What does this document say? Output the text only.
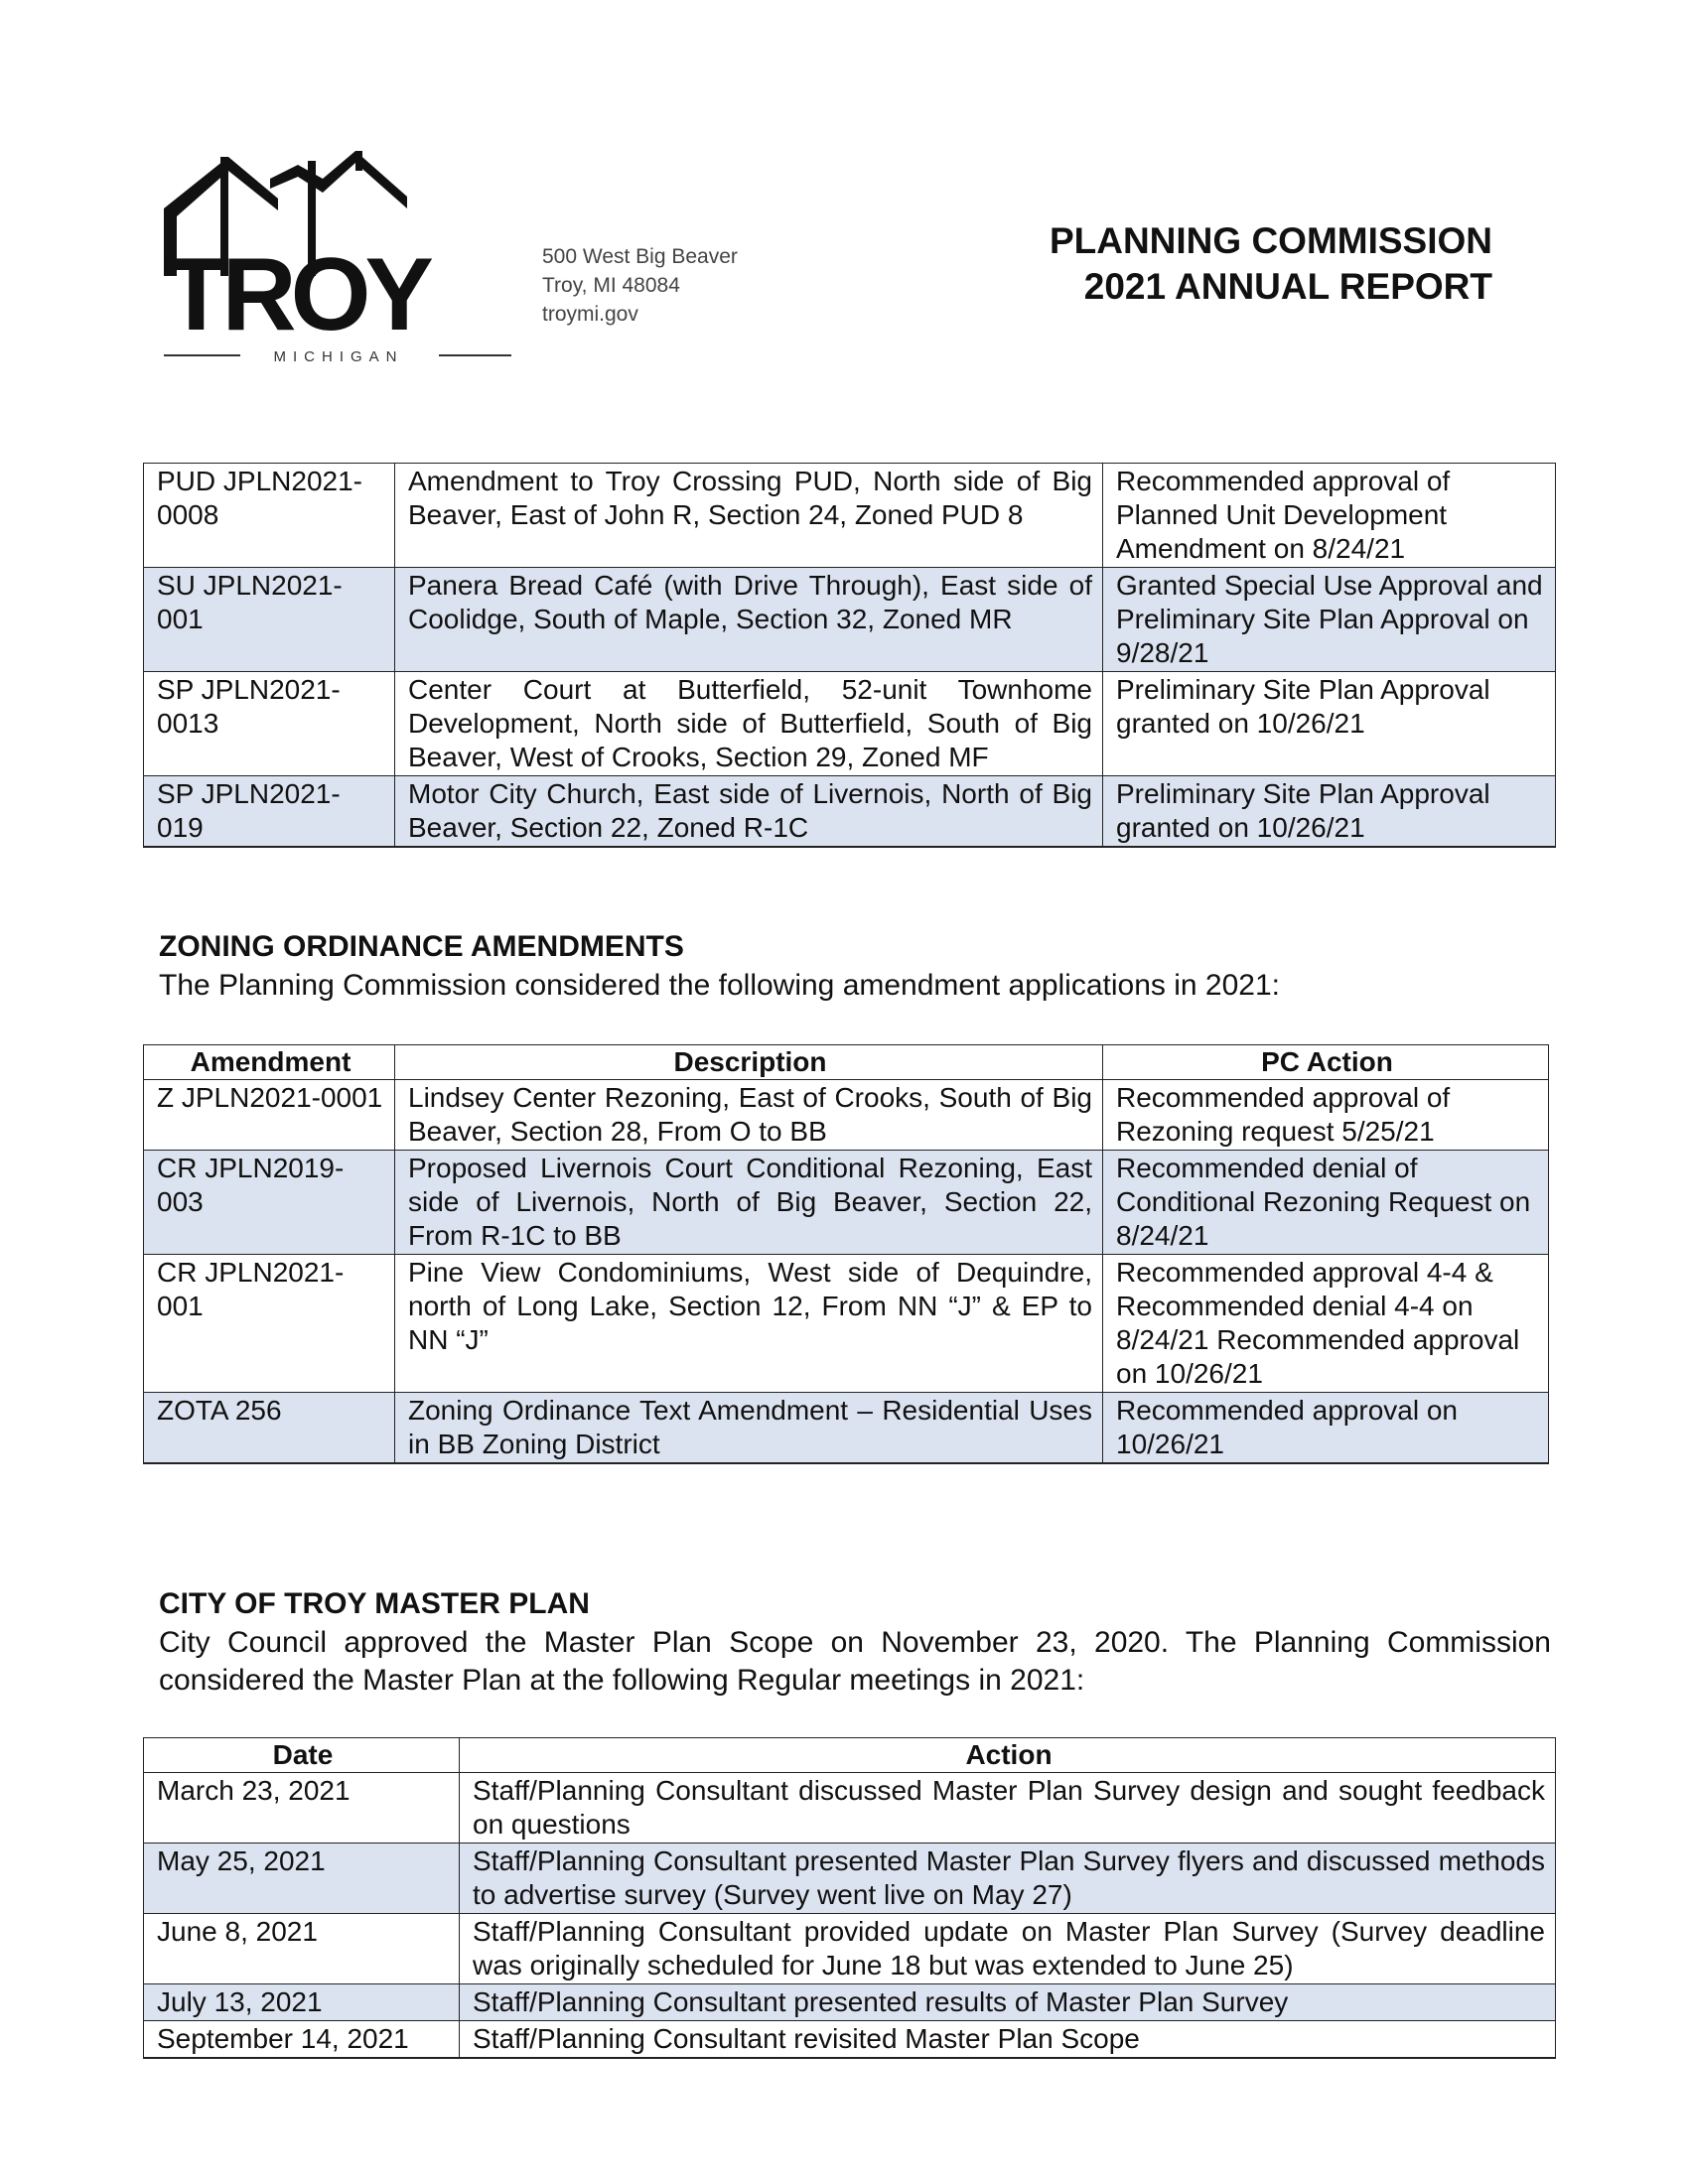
TROY
MICHIGAN
500 West Big Beaver
Troy, MI 48084
troymi.gov
PLANNING COMMISSION
2021 ANNUAL REPORT
PUD JPLN2021-0008	Amendment to Troy Crossing PUD, North side of Big Beaver, East of John R, Section 24, Zoned PUD 8	Recommended approval of Planned Unit Development Amendment on 8/24/21
SU JPLN2021-001	Panera Bread Café (with Drive Through), East side of Coolidge, South of Maple, Section 32, Zoned MR	Granted Special Use Approval and Preliminary Site Plan Approval on 9/28/21
SP JPLN2021-0013	Center Court at Butterfield, 52-unit Townhome Development, North side of Butterfield, South of Big Beaver, West of Crooks, Section 29, Zoned MF	Preliminary Site Plan Approval granted on 10/26/21
SP JPLN2021-019	Motor City Church, East side of Livernois, North of Big Beaver, Section 22, Zoned R-1C	Preliminary Site Plan Approval granted on 10/26/21
ZONING ORDINANCE AMENDMENTS
The Planning Commission considered the following amendment applications in 2021:
Amendment	Description	PC Action
Z JPLN2021-0001	Lindsey Center Rezoning, East of Crooks, South of Big Beaver, Section 28, From O to BB	Recommended approval of Rezoning request 5/25/21
CR JPLN2019-003	Proposed Livernois Court Conditional Rezoning, East side of Livernois, North of Big Beaver, Section 22, From R-1C to BB	Recommended denial of Conditional Rezoning Request on 8/24/21
CR JPLN2021-001	Pine View Condominiums, West side of Dequindre, north of Long Lake, Section 12, From NN “J” & EP to NN “J”	Recommended approval 4-4 & Recommended denial 4-4 on 8/24/21 Recommended approval on 10/26/21
ZOTA 256	Zoning Ordinance Text Amendment – Residential Uses in BB Zoning District	Recommended approval on 10/26/21
CITY OF TROY MASTER PLAN
City Council approved the Master Plan Scope on November 23, 2020. The Planning Commission considered the Master Plan at the following Regular meetings in 2021:
Date	Action
March 23, 2021	Staff/Planning Consultant discussed Master Plan Survey design and sought feedback on questions
May 25, 2021	Staff/Planning Consultant presented Master Plan Survey flyers and discussed methods to advertise survey (Survey went live on May 27)
June 8, 2021	Staff/Planning Consultant provided update on Master Plan Survey (Survey deadline was originally scheduled for June 18 but was extended to June 25)
July 13, 2021	Staff/Planning Consultant presented results of Master Plan Survey
September 14, 2021	Staff/Planning Consultant revisited Master Plan Scope
